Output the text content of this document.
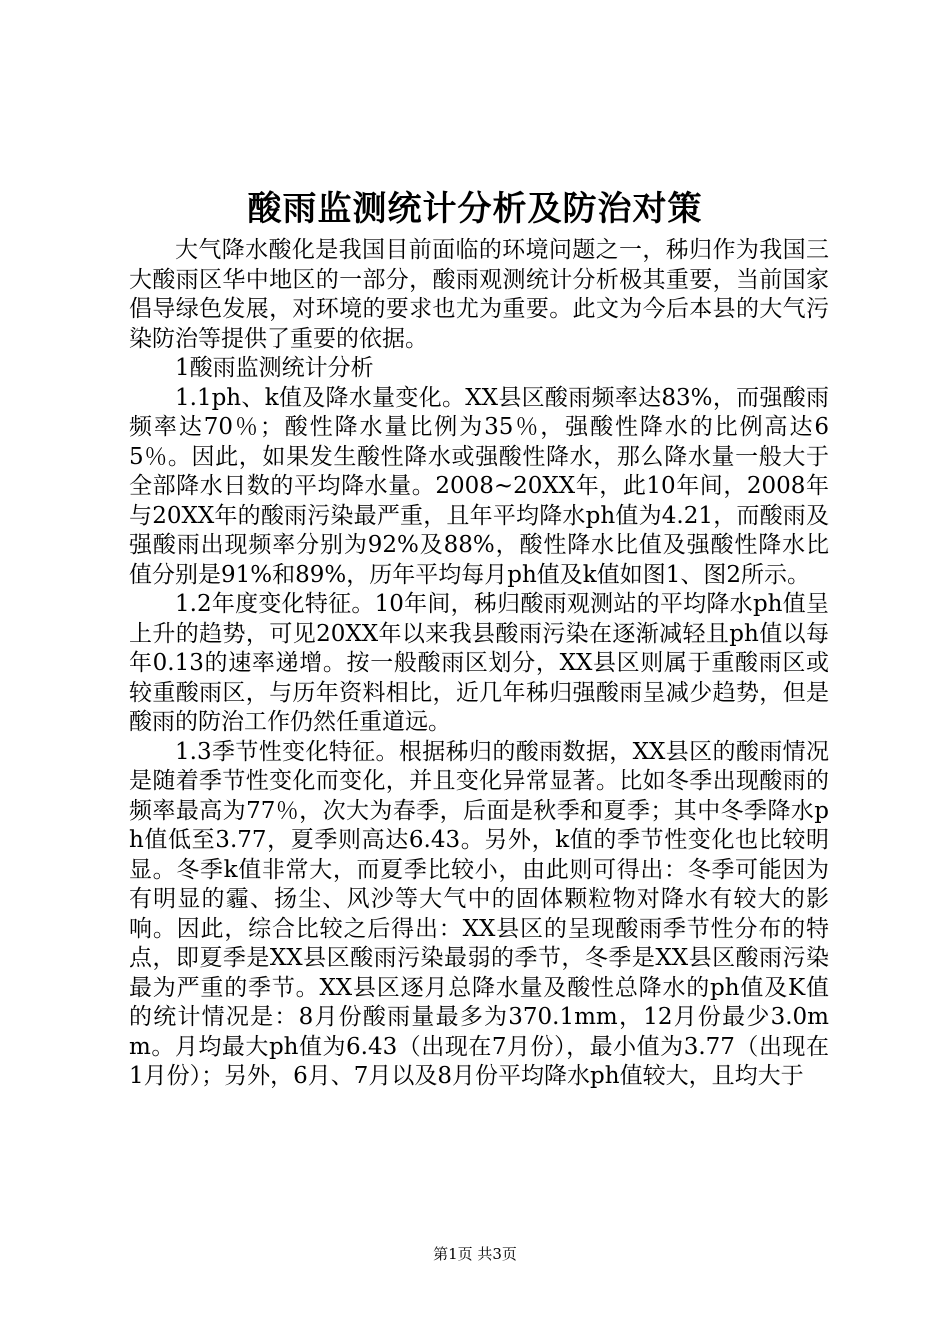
酸雨监测统计分析及防治对策

大气降水酸化是我国目前面临的环境问题之一，秭归作为我国三大酸雨区华中地区的一部分，酸雨观测统计分析极其重要，当前国家倡导绿色发展，对环境的要求也尤为重要。此文为今后本县的大气污染防治等提供了重要的依据。

1酸雨监测统计分析

1.1ph、k值及降水量变化。XX县区酸雨频率达83%，而强酸雨频率达70％；酸性降水量比例为35％，强酸性降水的比例高达65％。因此，如果发生酸性降水或强酸性降水，那么降水量一般大于全部降水日数的平均降水量。2008~20XX年，此10年间，2008年与20XX年的酸雨污染最严重，且年平均降水ph值为4.21，而酸雨及强酸雨出现频率分别为92%及88%，酸性降水比值及强酸性降水比值分别是91%和89%，历年平均每月ph值及k值如图1、图2所示。

1.2年度变化特征。10年间，秭归酸雨观测站的平均降水ph值呈上升的趋势，可见20XX年以来我县酸雨污染在逐渐减轻且ph值以每年0.13的速率递增。按一般酸雨区划分，XX县区则属于重酸雨区或较重酸雨区，与历年资料相比，近几年秭归强酸雨呈减少趋势，但是酸雨的防治工作仍然任重道远。

1.3季节性变化特征。根据秭归的酸雨数据，XX县区的酸雨情况是随着季节性变化而变化，并且变化异常显著。比如冬季出现酸雨的频率最高为77％，次大为春季，后面是秋季和夏季；其中冬季降水ph值低至3.77，夏季则高达6.43。另外，k值的季节性变化也比较明显。冬季k值非常大，而夏季比较小，由此则可得出：冬季可能因为有明显的霾、扬尘、风沙等大气中的固体颗粒物对降水有较大的影响。因此，综合比较之后得出：XX县区的呈现酸雨季节性分布的特点，即夏季是XX县区酸雨污染最弱的季节，冬季是XX县区酸雨污染最为严重的季节。XX县区逐月总降水量及酸性总降水的ph值及K值的统计情况是：8月份酸雨量最多为370.1mm，12月份最少3.0mm。月均最大ph值为6.43（出现在7月份），最小值为3.77（出现在1月份）；另外，6月、7月以及8月份平均降水ph值较大，且均大于

第1页 共3页
